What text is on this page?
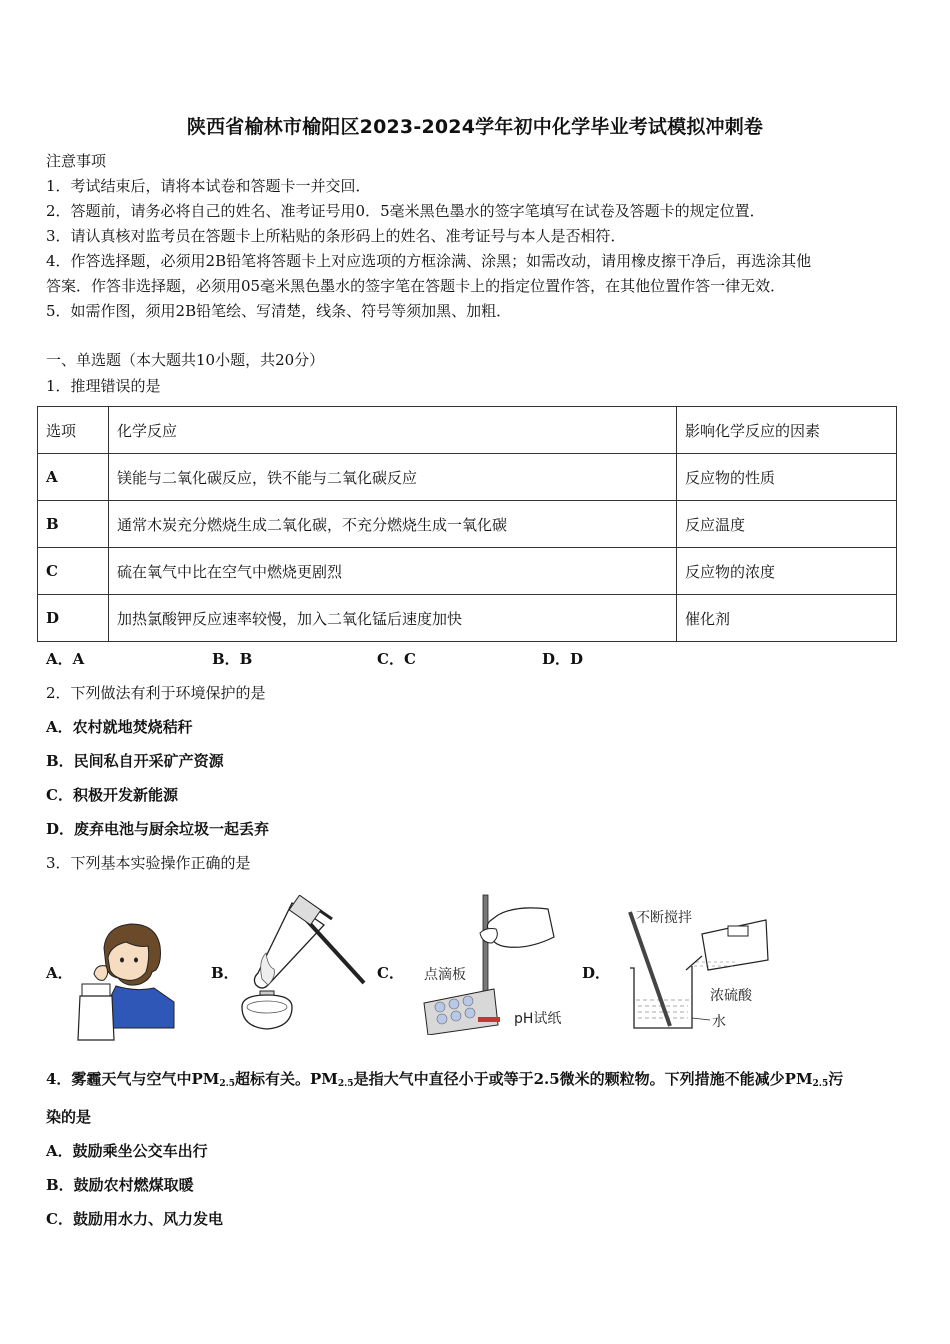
陕西省榆林市榆阳区2023-2024学年初中化学毕业考试模拟冲刺卷
注意事项
1．考试结束后，请将本试卷和答题卡一并交回．
2．答题前，请务必将自己的姓名、准考证号用0．5毫米黑色墨水的签字笔填写在试卷及答题卡的规定位置．
3．请认真核对监考员在答题卡上所粘贴的条形码上的姓名、准考证号与本人是否相符．
4．作答选择题，必须用2B铅笔将答题卡上对应选项的方框涂满、涂黑；如需改动，请用橡皮擦干净后，再选涂其他
答案．作答非选择题，必须用05毫米黑色墨水的签字笔在答题卡上的指定位置作答，在其他位置作答一律无效．
5．如需作图，须用2B铅笔绘、写清楚，线条、符号等须加黑、加粗．
一、单选题（本大题共10小题，共20分）
1．推理错误的是
选项	化学反应	影响化学反应的因素
A	镁能与二氧化碳反应，铁不能与二氧化碳反应	反应物的性质
B	通常木炭充分燃烧生成二氧化碳，不充分燃烧生成一氧化碳	反应温度
C	硫在氧气中比在空气中燃烧更剧烈	反应物的浓度
D	加热氯酸钾反应速率较慢，加入二氧化锰后速度加快	催化剂
A．A	B．B	C．C	D．D
2．下列做法有利于环境保护的是
A．农村就地焚烧秸秆
B．民间私自开采矿产资源
C．积极开发新能源
D．废弃电池与厨余垃圾一起丢弃
3．下列基本实验操作正确的是
A．	B．	C． 点滴板
pH试纸
D．
不断搅拌
浓硫酸
水
4．雾霾天气与空气中$PM_{2.5}$超标有关。$PM_{2.5}$是指大气中直径小于或等于2.5微米的颗粒物。下列措施不能减少$PM_{2.5}$污
染的是
A．鼓励乘坐公交车出行
B．鼓励农村燃煤取暖
C．鼓励用水力、风力发电
